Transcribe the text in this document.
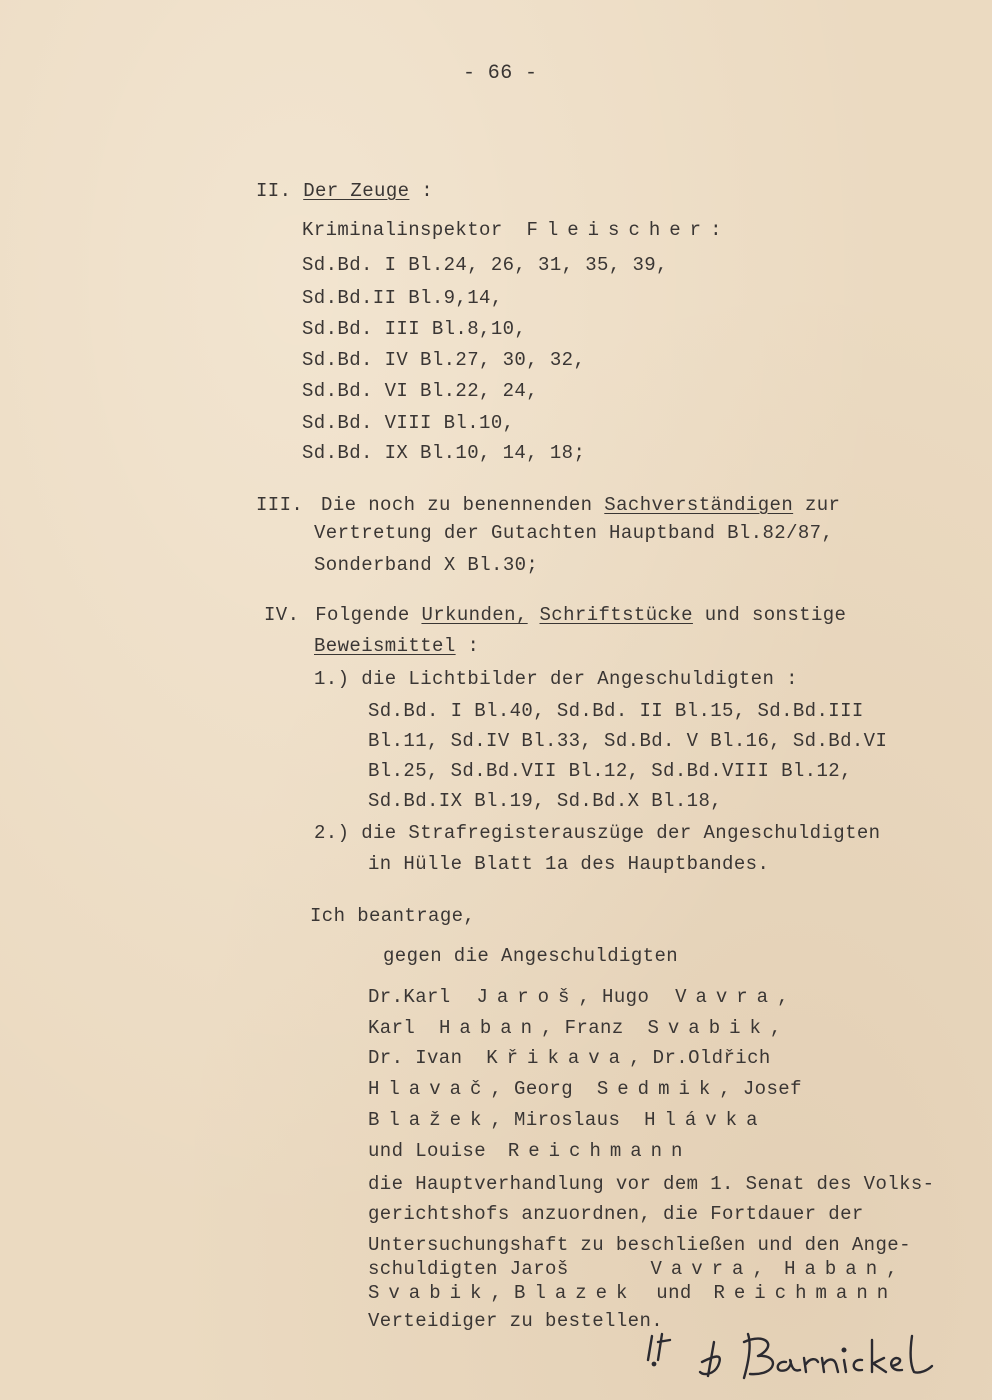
- 66 -
II. Der Zeuge :
Kriminalinspektor Fleischer:
Sd.Bd. I Bl.24, 26, 31, 35, 39,
Sd.Bd.II Bl.9,14,
Sd.Bd. III Bl.8,10,
Sd.Bd. IV Bl.27, 30, 32,
Sd.Bd. VI Bl.22, 24,
Sd.Bd. VIII Bl.10,
Sd.Bd. IX Bl.10, 14, 18;
III. Die noch zu benennenden Sachverständigen zur
Vertretung der Gutachten Hauptband Bl.82/87,
Sonderband X Bl.30;
IV. Folgende Urkunden, Schriftstücke und sonstige
Beweismittel :
1.) die Lichtbilder der Angeschuldigten :
Sd.Bd. I Bl.40, Sd.Bd. II Bl.15, Sd.Bd.III
Bl.11, Sd.IV Bl.33, Sd.Bd. V Bl.16, Sd.Bd.VI
Bl.25, Sd.Bd.VII Bl.12, Sd.Bd.VIII Bl.12,
Sd.Bd.IX Bl.19, Sd.Bd.X Bl.18,
2.) die Strafregisterauszüge der Angeschuldigten
in Hülle Blatt 1a des Hauptbandes.
Ich beantrage,
gegen die Angeschuldigten
Dr.Karl Jaroš, Hugo Vavra,
Karl Haban, Franz Svabik,
Dr. Ivan Křikava, Dr.Oldřich
Hlavač, Georg Sedmik, Josef
Blažek, Miroslaus Hlávka
und Louise Reichmann
die Hauptverhandlung vor dem 1. Senat des Volks-
gerichtshofs anzuordnen, die Fortdauer der
Untersuchungshaft zu beschließen und den Ange-
schuldigten Jaroš	Vavra, Haban,
Svabik, Blazek und Reichmann
Verteidiger zu bestellen.
